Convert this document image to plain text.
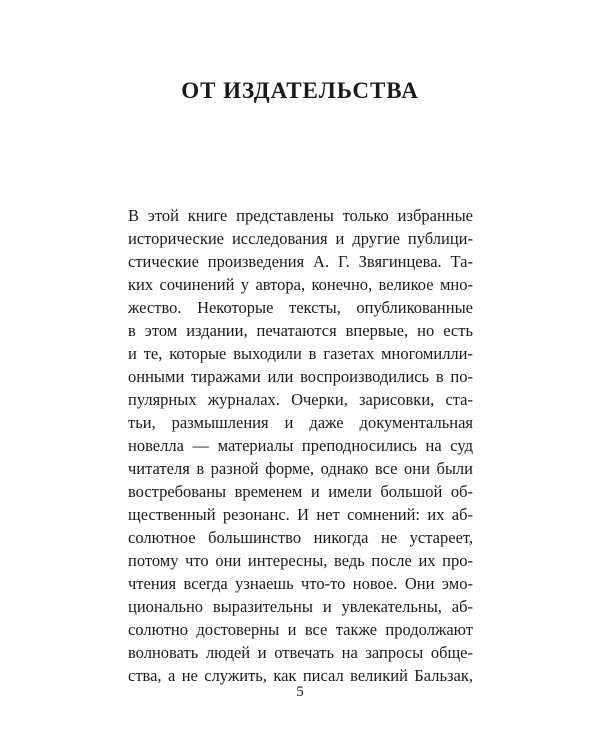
ОТ ИЗДАТЕЛЬСТВА
В этой книге представлены только избранные
исторические исследования и другие публици-
стические произведения А. Г. Звягинцева. Та-
ких сочинений у автора, конечно, великое мно-
жество. Некоторые тексты, опубликованные
в этом издании, печатаются впервые, но есть
и те, которые выходили в газетах многомилли-
онными тиражами или воспроизводились в по-
пулярных журналах. Очерки, зарисовки, ста-
тьи, размышления и даже документальная
новелла — материалы преподносились на суд
читателя в разной форме, однако все они были
востребованы временем и имели большой об-
щественный резонанс. И нет сомнений: их аб-
солютное большинство никогда не устареет,
потому что они интересны, ведь после их про-
чтения всегда узнаешь что-то новое. Они эмо-
ционально выразительны и увлекательны, аб-
солютно достоверны и все также продолжают
волновать людей и отвечать на запросы обще-
ства, а не служить, как писал великий Бальзак,
5
